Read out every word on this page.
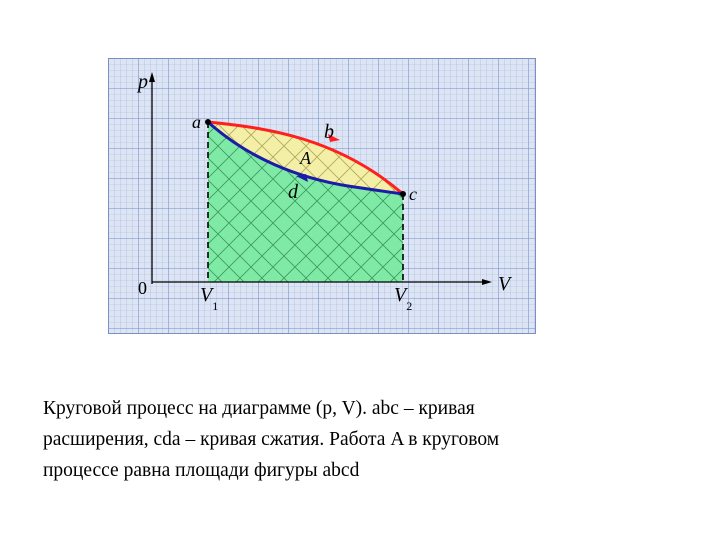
p
V
0
a	b
c
d
A
$V_1$	$V_2$

Круговой процесс на диаграмме (p, V). abc – кривая
расширения, cda – кривая сжатия. Работа A в круговом
процессе равна площади фигуры abcd
